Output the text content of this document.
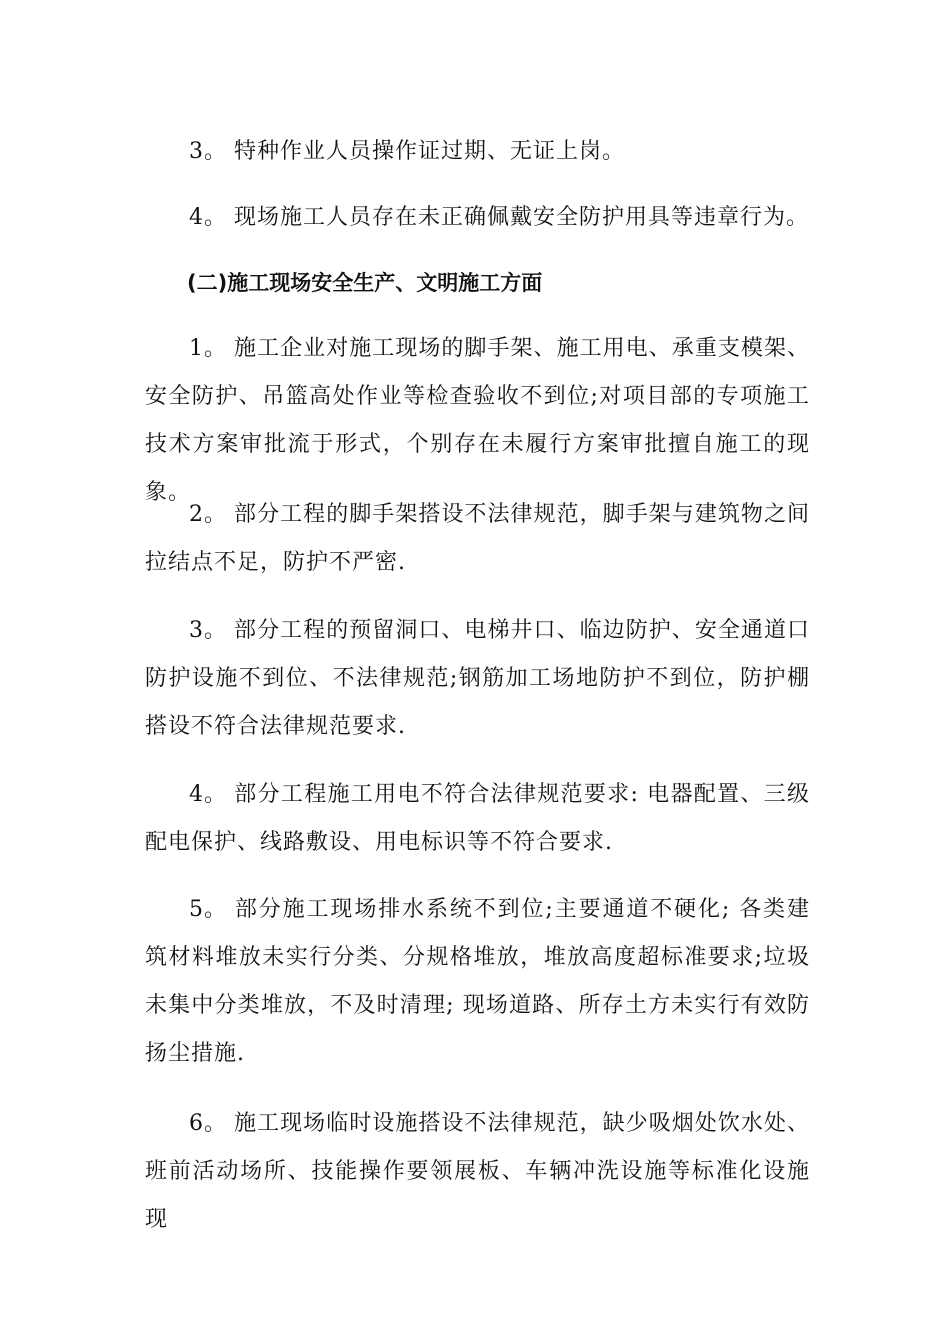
3。 特种作业人员操作证过期、无证上岗。

4。 现场施工人员存在未正确佩戴安全防护用具等违章行为。

(二)施工现场安全生产、文明施工方面

1。 施工企业对施工现场的脚手架、施工用电、承重支模架、安全防护、吊篮高处作业等检查验收不到位;对项目部的专项施工技术方案审批流于形式，个别存在未履行方案审批擅自施工的现象。

2。 部分工程的脚手架搭设不法律规范，脚手架与建筑物之间拉结点不足，防护不严密.

3。 部分工程的预留洞口、电梯井口、临边防护、安全通道口防护设施不到位、不法律规范;钢筋加工场地防护不到位，防护棚搭设不符合法律规范要求.

4。 部分工程施工用电不符合法律规范要求: 电器配置、三级配电保护、线路敷设、用电标识等不符合要求.

5。 部分施工现场排水系统不到位;主要通道不硬化; 各类建筑材料堆放未实行分类、分规格堆放，堆放高度超标准要求;垃圾未集中分类堆放，不及时清理; 现场道路、所存土方未实行有效防扬尘措施.

6。 施工现场临时设施搭设不法律规范，缺少吸烟处饮水处、班前活动场所、技能操作要领展板、车辆冲洗设施等标准化设施现
